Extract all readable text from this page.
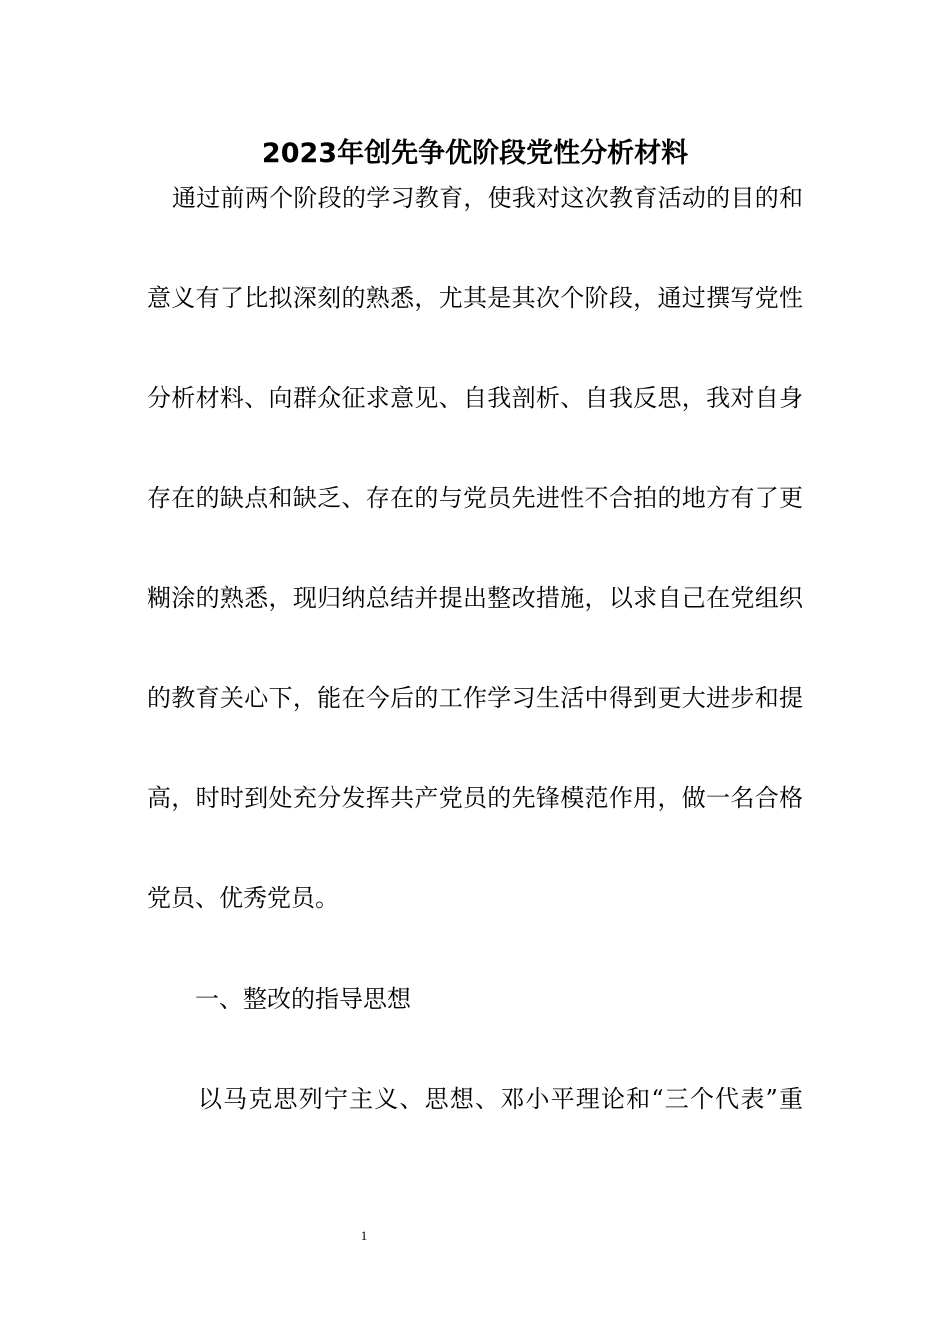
2023年创先争优阶段党性分析材料

通过前两个阶段的学习教育，使我对这次教育活动的目的和

意义有了比拟深刻的熟悉，尤其是其次个阶段，通过撰写党性

分析材料、向群众征求意见、自我剖析、自我反思，我对自身

存在的缺点和缺乏、存在的与党员先进性不合拍的地方有了更

糊涂的熟悉，现归纳总结并提出整改措施，以求自己在党组织

的教育关心下，能在今后的工作学习生活中得到更大进步和提

高，时时到处充分发挥共产党员的先锋模范作用，做一名合格

党员、优秀党员。

一、整改的指导思想

以马克思列宁主义、思想、邓小平理论和“三个代表”重

1
